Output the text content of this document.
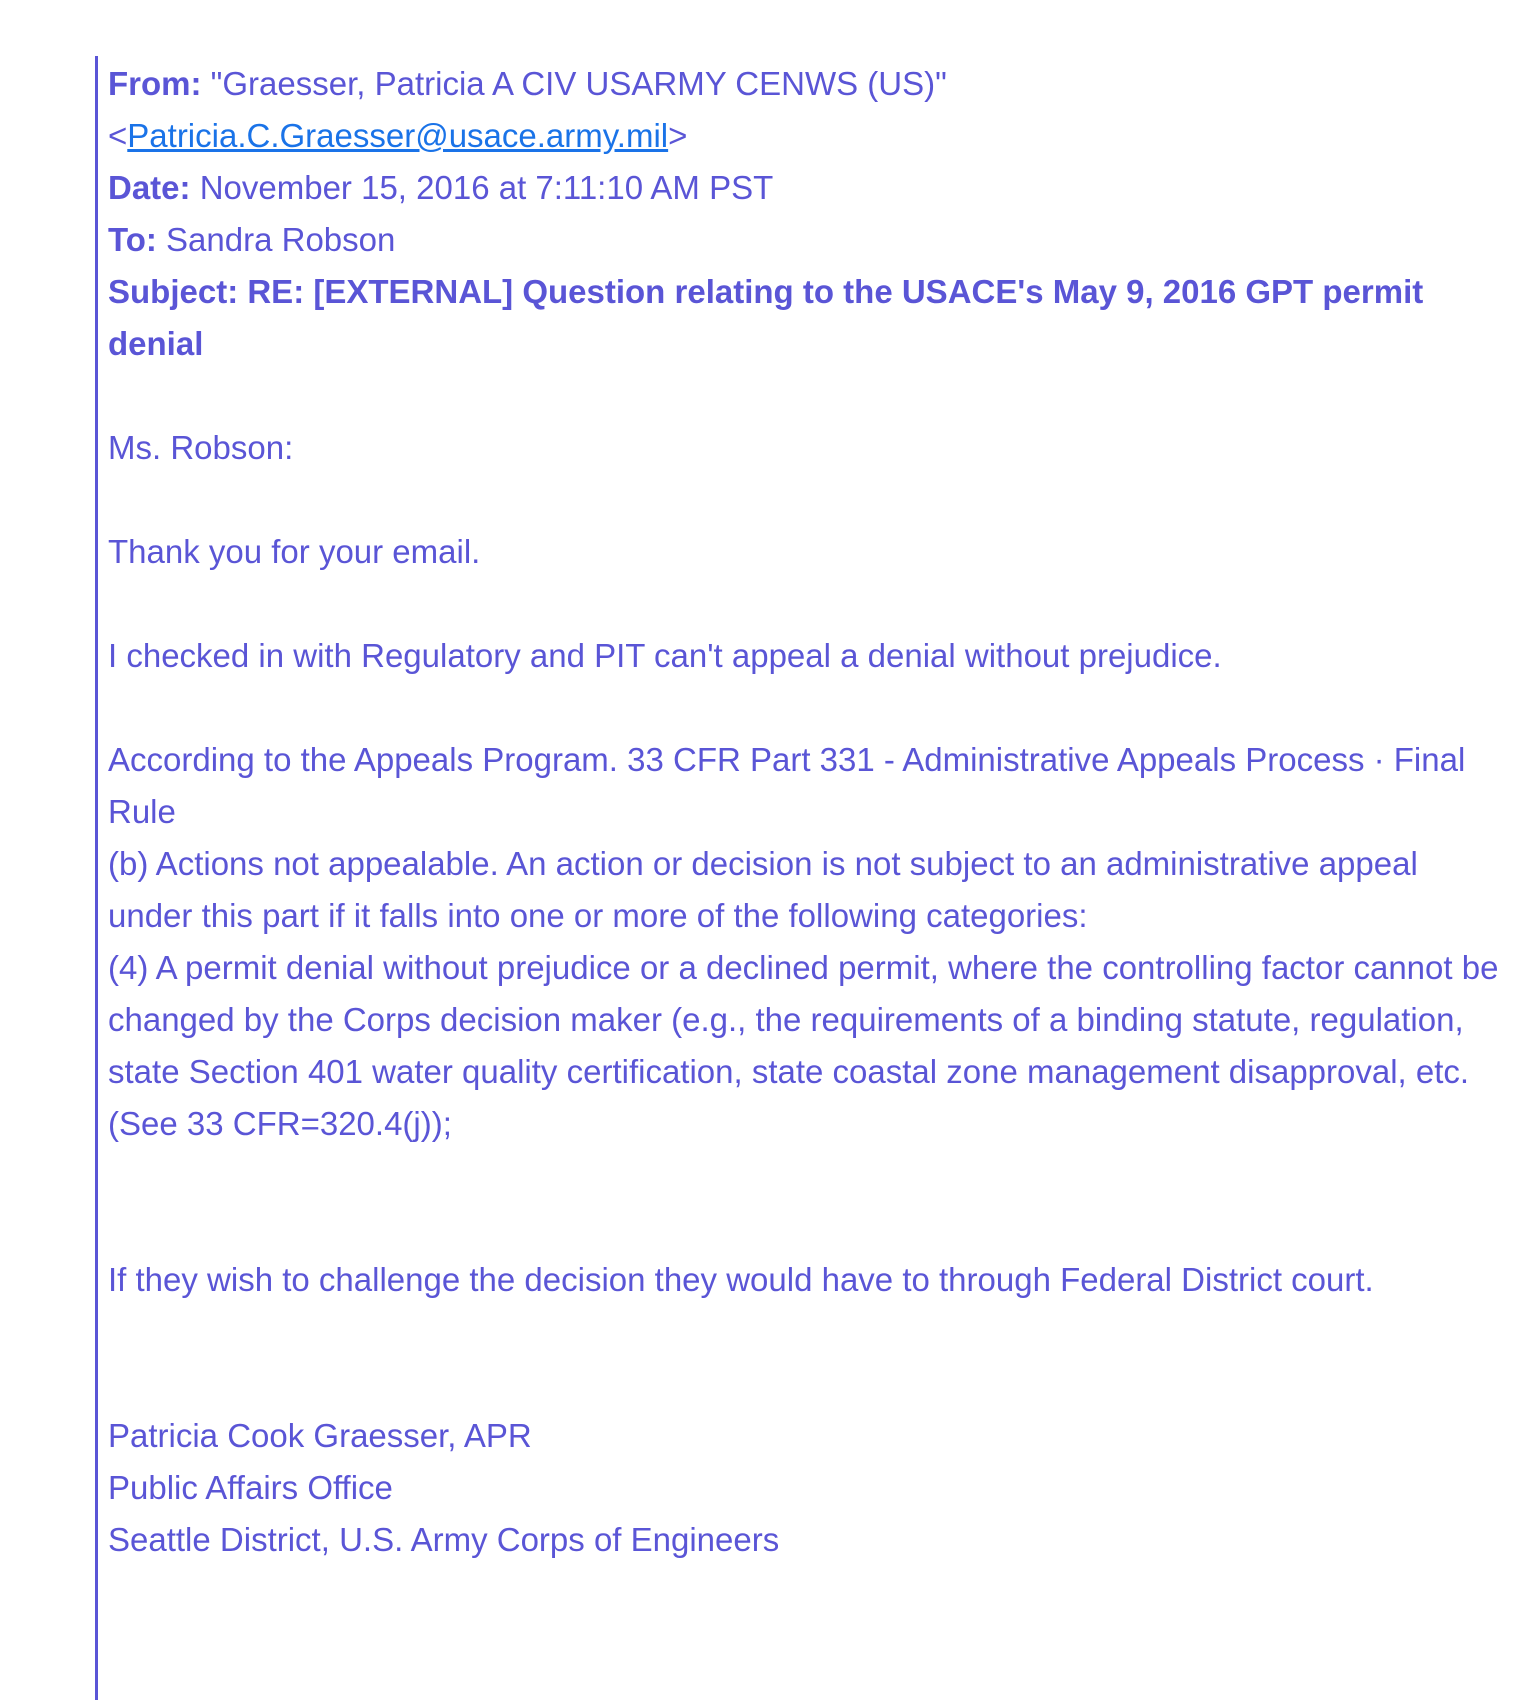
From: "Graesser, Patricia A CIV USARMY CENWS (US)"

<Patricia.C.Graesser@usace.army.mil>

Date: November 15, 2016 at 7:11:10 AM PST

To: Sandra Robson

Subject: RE: [EXTERNAL] Question relating to the USACE's May 9, 2016 GPT permit denial

Ms. Robson:

Thank you for your email.

I checked in with Regulatory and PIT can't appeal a denial without prejudice.

According to the Appeals Program. 33 CFR Part 331 - Administrative Appeals Process · Final Rule

(b) Actions not appealable. An action or decision is not subject to an administrative appeal under this part if it falls into one or more of the following categories:

(4) A permit denial without prejudice or a declined permit, where the controlling factor cannot be changed by the Corps decision maker (e.g., the requirements of a binding statute, regulation, state Section 401 water quality certification, state coastal zone management disapproval, etc. (See 33 CFR=320.4(j));

If they wish to challenge the decision they would have to through Federal District court.

Patricia Cook Graesser, APR

Public Affairs Office

Seattle District, U.S. Army Corps of Engineers
